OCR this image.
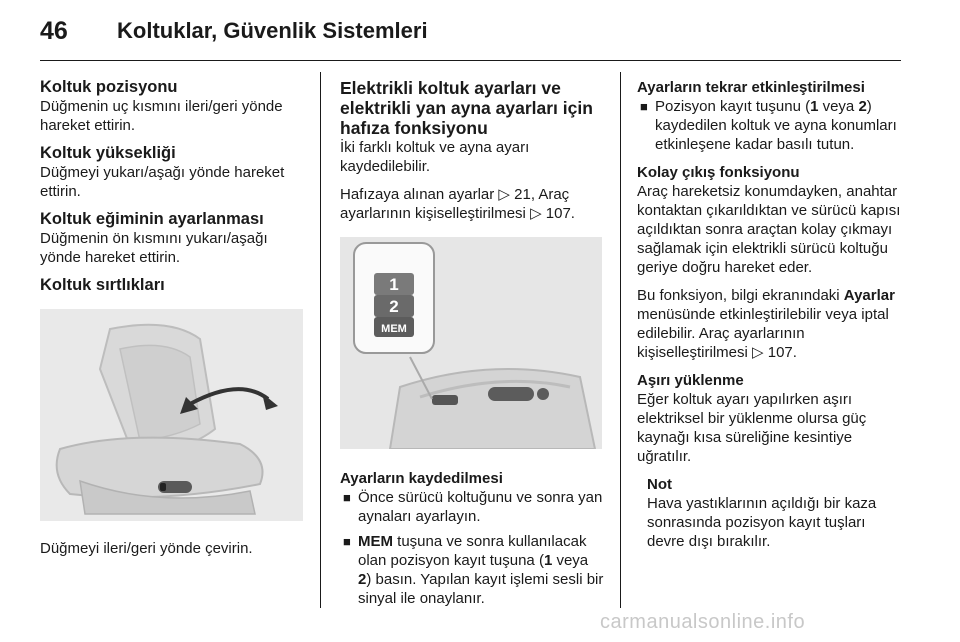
46 Koltuklar, Güvenlik Sistemleri
Koltuk pozisyonu

Düğmenin uç kısmını ileri/geri yönde hareket ettirin.

Koltuk yüksekliği

Düğmeyi yukarı/aşağı yönde hareket ettirin.

Koltuk eğiminin ayarlanması

Düğmenin ön kısmını yukarı/aşağı yönde hareket ettirin.

Koltuk sırtlıkları

Düğmeyi ileri/geri yönde çevirin.

Elektrikli koltuk ayarları ve elektrikli yan ayna ayarları için hafıza fonksiyonu

İki farklı koltuk ve ayna ayarı kaydedilebilir.

Hafızaya alınan ayarlar ▷ 21, Araç ayarlarının kişiselleştirilmesi ▷ 107.

1
2
MEM
Ayarların kaydedilmesi
■ Önce sürücü koltuğunu ve sonra yan aynaları ayarlayın.
■ MEM tuşuna ve sonra kullanılacak olan pozisyon kayıt tuşuna (1 veya 2) basın. Yapılan kayıt işlemi sesli bir sinyal ile onaylanır.
Ayarların tekrar etkinleştirilmesi
■ Pozisyon kayıt tuşunu (1 veya 2) kaydedilen koltuk ve ayna konumları etkinleşene kadar basılı tutun.
Kolay çıkış fonksiyonu

Araç hareketsiz konumdayken, anahtar kontaktan çıkarıldıktan ve sürücü kapısı açıldıktan sonra araçtan kolay çıkmayı sağlamak için elektrikli sürücü koltuğu geriye doğru hareket eder.

Bu fonksiyon, bilgi ekranındaki Ayarlar menüsünde etkinleştirilebilir veya iptal edilebilir. Araç ayarlarının kişiselleştirilmesi ▷ 107.

Aşırı yüklenme

Eğer koltuk ayarı yapılırken aşırı elektriksel bir yüklenme olursa güç kaynağı kısa süreliğine kesintiye uğratılır.

Not

Hava yastıklarının açıldığı bir kaza sonrasında pozisyon kayıt tuşları devre dışı bırakılır.

carmanualsonline.info
